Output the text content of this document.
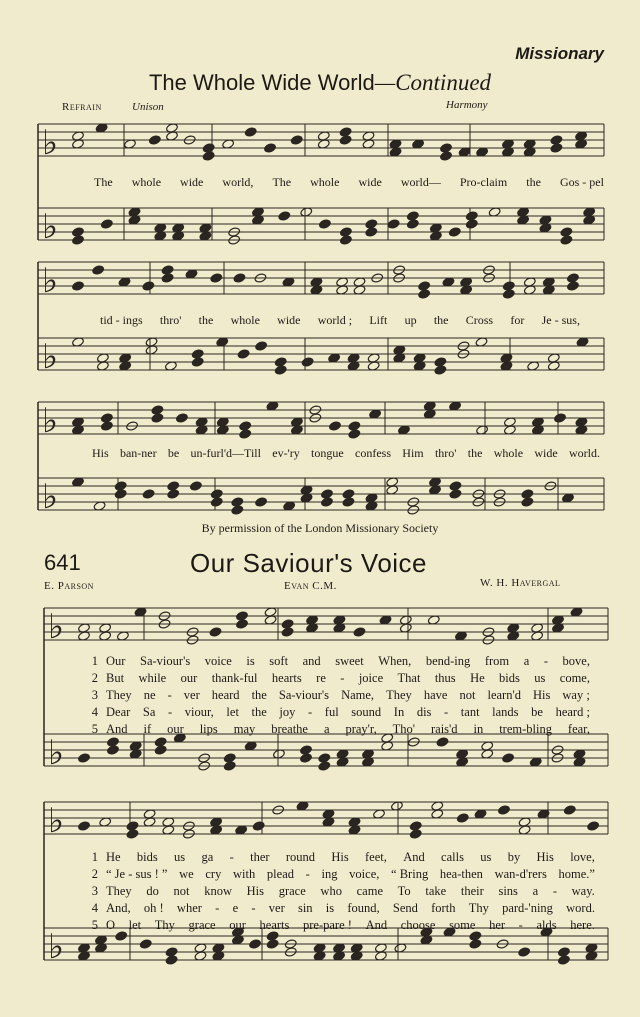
♭
♭
♭
♭
♭
♭
♭
♭
♭
♭
Missionary
The Whole Wide World—Continued
Refrain	Unison	Harmony
The whole wide world, The whole wide world— Pro-claim the Gos - pel
tid - ings thro' the whole wide world ; Lift up the Cross for Je - sus,
His ban-ner be un-furl'd—Till ev-'ry tongue confess Him thro' the whole wide world.
By permission of the London Missionary Society
641	Our Saviour's Voice
E. Parson	Evan C.M.	W. H. Havergal
1 Our Sa-viour's voice is soft and sweet When, bend-ing from a - bove,
2 But while our thank-ful hearts re - joice That thus He bids us come,
3 They ne - ver heard the Sa-viour's Name, They have not learn'd His way ;
4 Dear Sa - viour, let the joy - ful sound In dis - tant lands be heard ;
5 And if our lips may breathe a pray'r, Tho' rais'd in trem-bling fear,
1 He bids us ga - ther round His feet, And calls us by His love,
2 “ Je - sus ! ” we cry with plead - ing voice, “ Bring hea-then wan-d'rers home.”
3 They do not know His grace who came To take their sins a - way.
4 And, oh ! wher - e - ver sin is found, Send forth Thy pard-'ning word.
5 O let Thy grace our hearts pre-pare ! And choose some her - alds here.
